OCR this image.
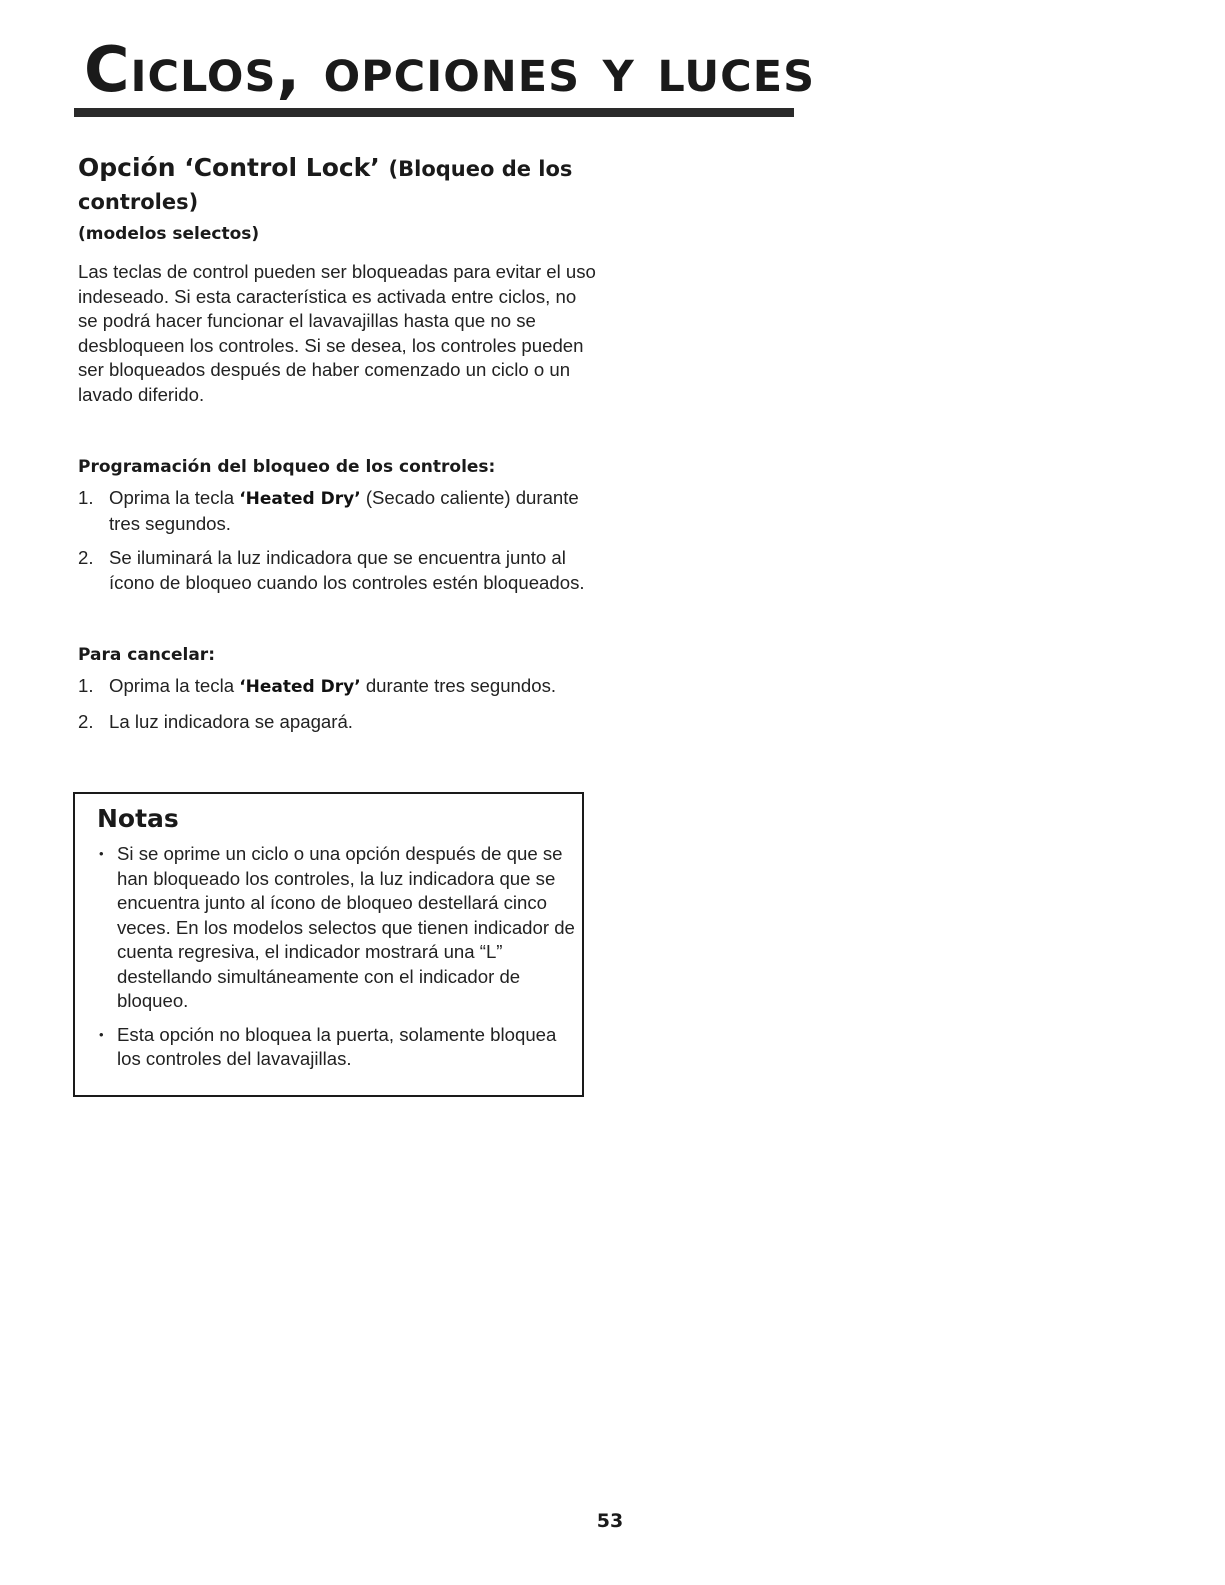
Ciclos, opciones y luces
Opción ‘Control Lock’ (Bloqueo de los controles)
(modelos selectos)

Las teclas de control pueden ser bloqueadas para evitar el uso indeseado. Si esta característica es activada entre ciclos, no se podrá hacer funcionar el lavavajillas hasta que no se desbloqueen los controles. Si se desea, los controles pueden ser bloqueados después de haber comenzado un ciclo o un lavado diferido.

Programación del bloqueo de los controles:
1. Oprima la tecla ‘Heated Dry’ (Secado caliente) durante tres segundos.
2. Se iluminará la luz indicadora que se encuentra junto al ícono de bloqueo cuando los controles estén bloqueados.
Para cancelar:
1. Oprima la tecla ‘Heated Dry’ durante tres segundos.
2. La luz indicadora se apagará.
Notas
• Si se oprime un ciclo o una opción después de que se han bloqueado los controles, la luz indicadora que se encuentra junto al ícono de bloqueo destellará cinco veces. En los modelos selectos que tienen indicador de cuenta regresiva, el indicador mostrará una “L” destellando simultáneamente con el indicador de bloqueo.
• Esta opción no bloquea la puerta, solamente bloquea los controles del lavavajillas.
53
